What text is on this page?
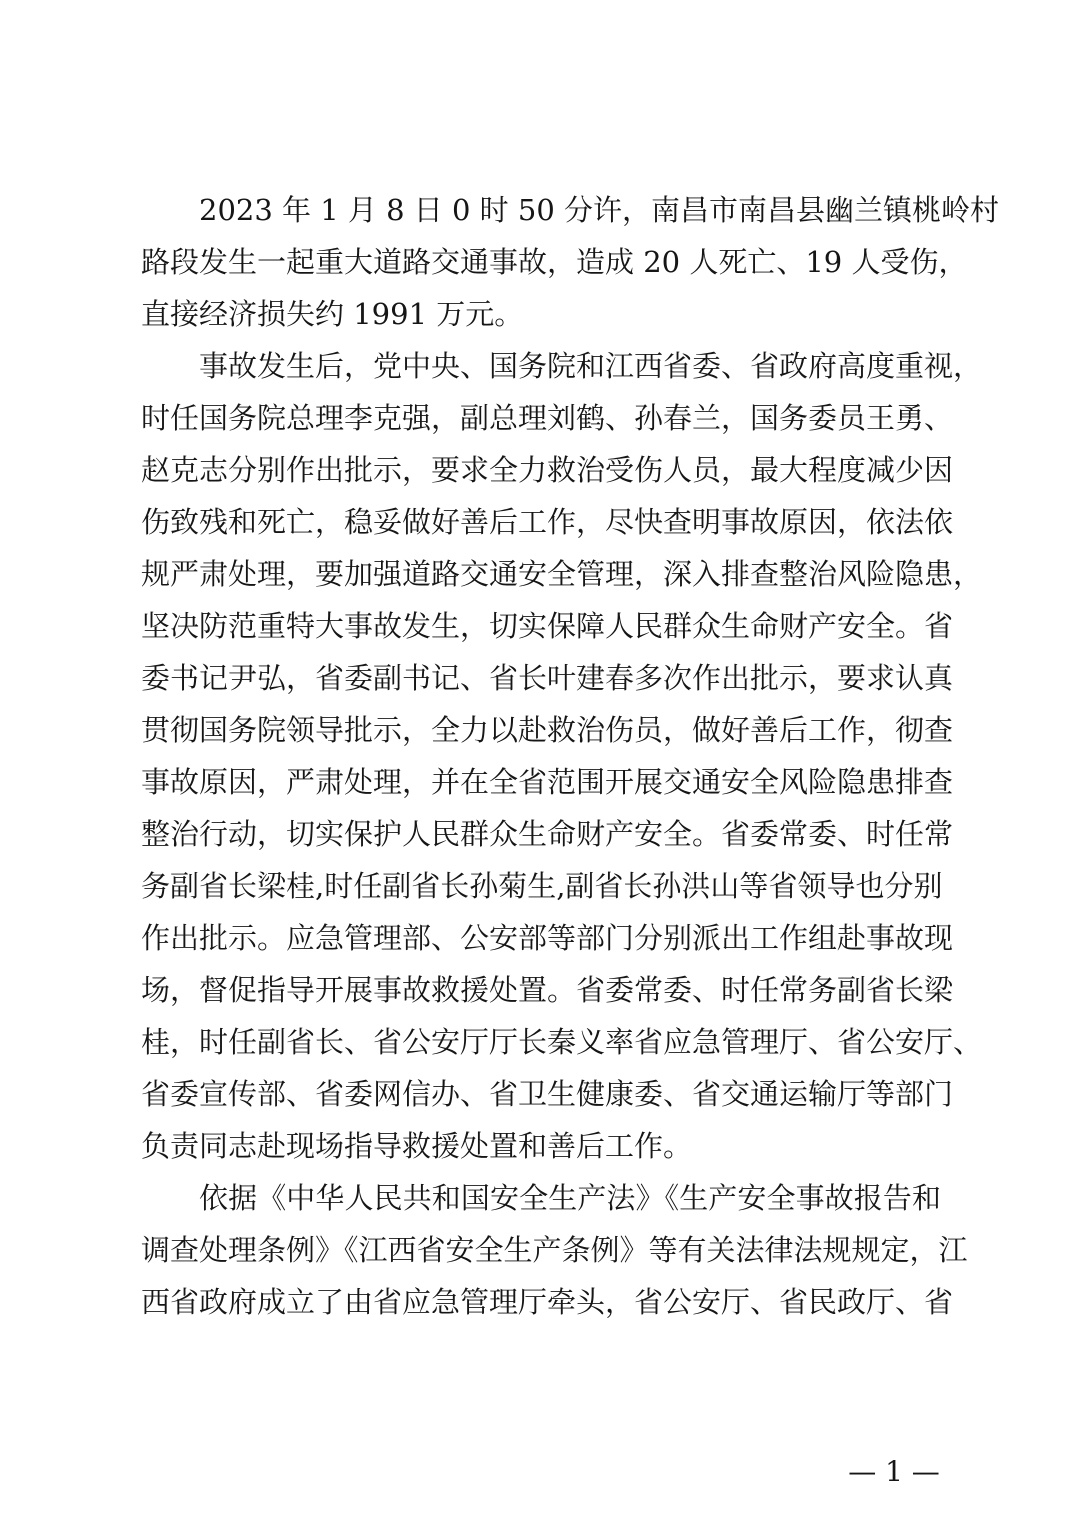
2023 年 1 月 8 日 0 时 50 分许，南昌市南昌县幽兰镇桃岭村
路段发生一起重大道路交通事故，造成 20 人死亡、19 人受伤，
直接经济损失约 1991 万元。
事故发生后，党中央、国务院和江西省委、省政府高度重视，
时任国务院总理李克强，副总理刘鹤、孙春兰，国务委员王勇、
赵克志分别作出批示，要求全力救治受伤人员，最大程度减少因
伤致残和死亡，稳妥做好善后工作，尽快查明事故原因，依法依
规严肃处理，要加强道路交通安全管理，深入排查整治风险隐患，
坚决防范重特大事故发生，切实保障人民群众生命财产安全。省
委书记尹弘，省委副书记、省长叶建春多次作出批示，要求认真
贯彻国务院领导批示，全力以赴救治伤员，做好善后工作，彻查
事故原因，严肃处理，并在全省范围开展交通安全风险隐患排查
整治行动，切实保护人民群众生命财产安全。省委常委、时任常
务副省长梁桂,时任副省长孙菊生,副省长孙洪山等省领导也分别
作出批示。应急管理部、公安部等部门分别派出工作组赴事故现
场，督促指导开展事故救援处置。省委常委、时任常务副省长梁
桂，时任副省长、省公安厅厅长秦义率省应急管理厅、省公安厅、
省委宣传部、省委网信办、省卫生健康委、省交通运输厅等部门
负责同志赴现场指导救援处置和善后工作。
依据《中华人民共和国安全生产法》《生产安全事故报告和
调查处理条例》《江西省安全生产条例》等有关法律法规规定，江
西省政府成立了由省应急管理厅牵头，省公安厅、省民政厅、省
— 1 —
